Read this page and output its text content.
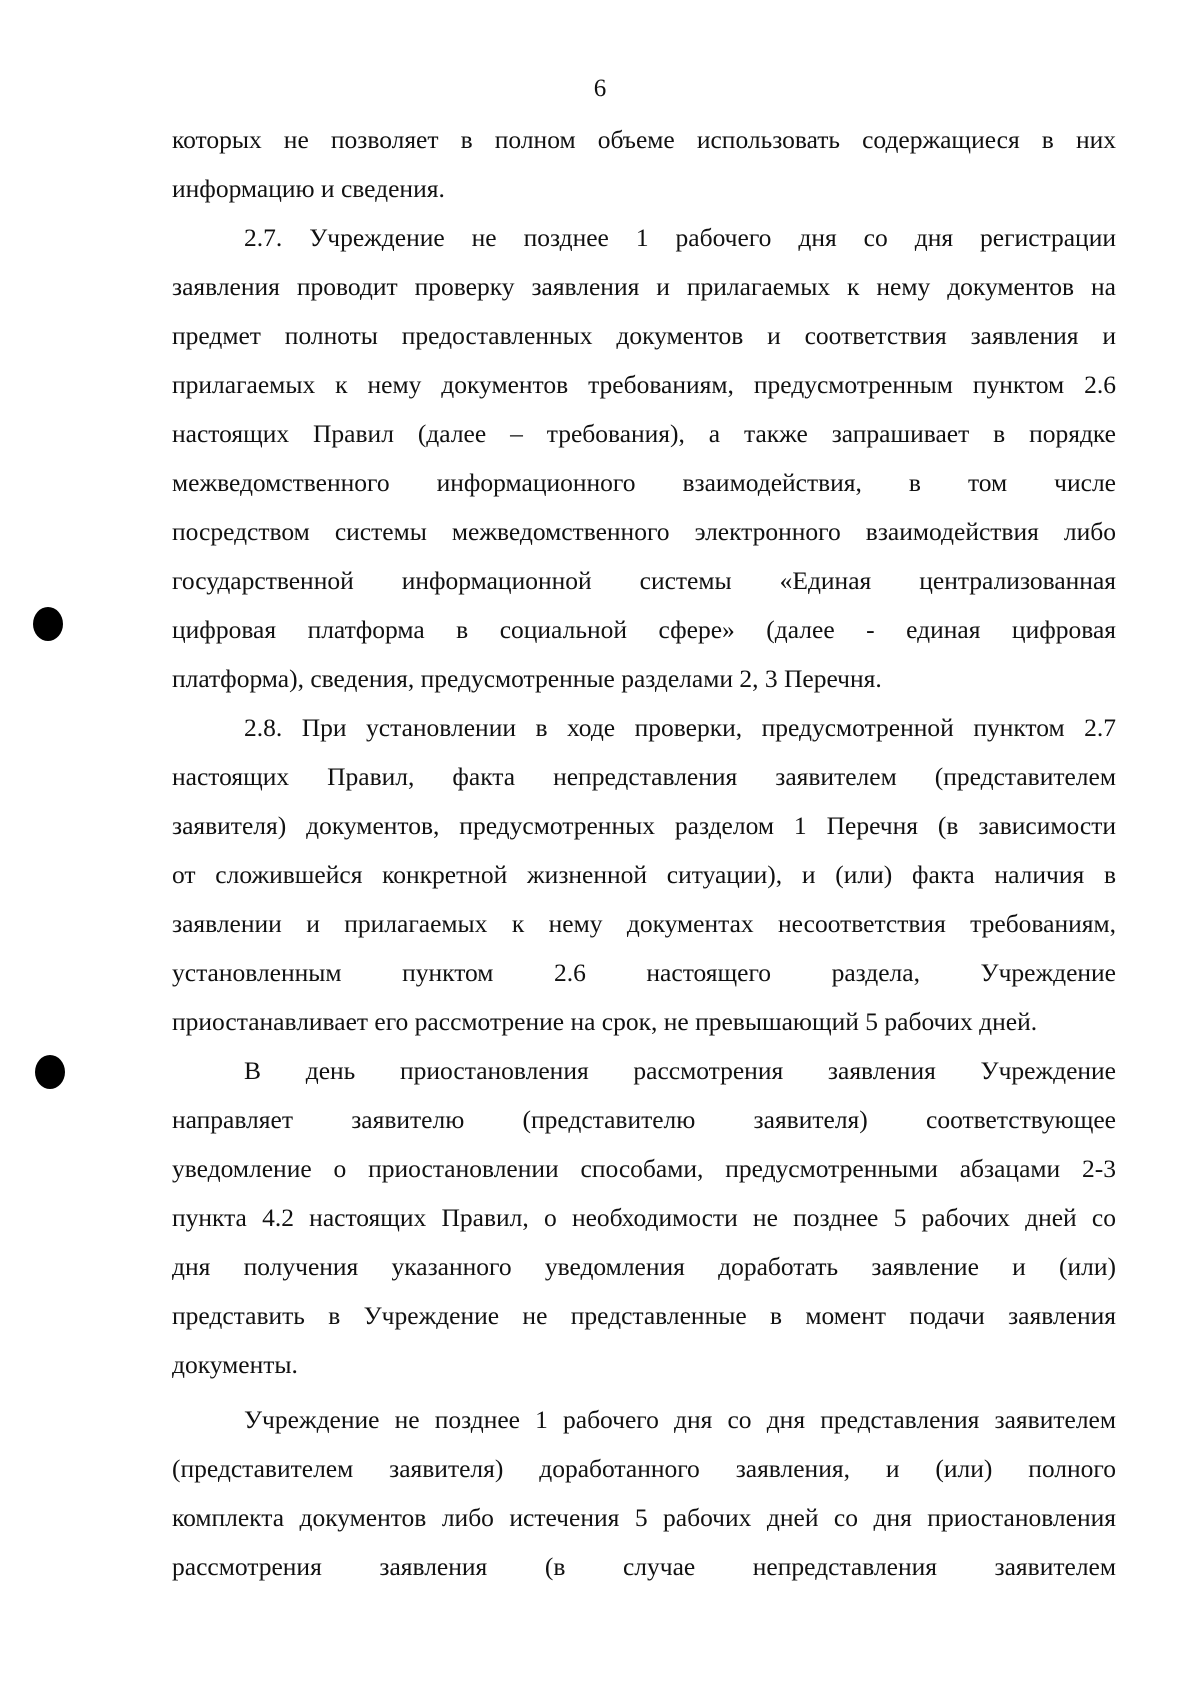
6
которых не позволяет в полном объеме использовать содержащиеся в них
информацию и сведения.
2.7. Учреждение не позднее 1 рабочего дня со дня регистрации
заявления проводит проверку заявления и прилагаемых к нему документов на
предмет полноты предоставленных документов и соответствия заявления и
прилагаемых к нему документов требованиям, предусмотренным пунктом 2.6
настоящих Правил (далее – требования), а также запрашивает в порядке
межведомственного информационного взаимодействия, в том числе
посредством системы межведомственного электронного взаимодействия либо
государственной информационной системы «Единая централизованная
цифровая платформа в социальной сфере» (далее - единая цифровая
платформа), сведения, предусмотренные разделами 2, 3 Перечня.
2.8. При установлении в ходе проверки, предусмотренной пунктом 2.7
настоящих Правил, факта непредставления заявителем (представителем
заявителя) документов, предусмотренных разделом 1 Перечня (в зависимости
от сложившейся конкретной жизненной ситуации), и (или) факта наличия в
заявлении и прилагаемых к нему документах несоответствия требованиям,
установленным пунктом 2.6 настоящего раздела, Учреждение
приостанавливает его рассмотрение на срок, не превышающий 5 рабочих дней.
В день приостановления рассмотрения заявления Учреждение
направляет заявителю (представителю заявителя) соответствующее
уведомление о приостановлении способами, предусмотренными абзацами 2-3
пункта 4.2 настоящих Правил, о необходимости не позднее 5 рабочих дней со
дня получения указанного уведомления доработать заявление и (или)
представить в Учреждение не представленные в момент подачи заявления
документы.
Учреждение не позднее 1 рабочего дня со дня представления заявителем
(представителем заявителя) доработанного заявления, и (или) полного
комплекта документов либо истечения 5 рабочих дней со дня приостановления
рассмотрения заявления (в случае непредставления заявителем
